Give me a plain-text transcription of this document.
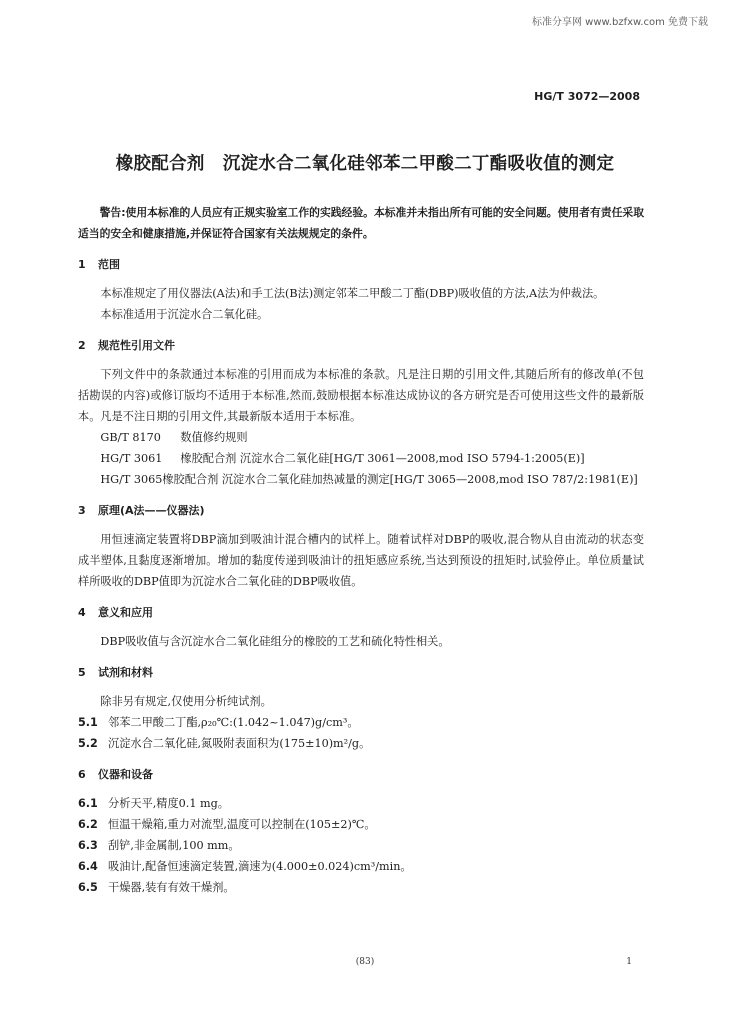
标准分享网 www.bzfxw.com 免费下载
HG/T 3072—2008
橡胶配合剂 沉淀水合二氧化硅邻苯二甲酸二丁酯吸收值的测定

警告:使用本标准的人员应有正规实验室工作的实践经验。本标准并未指出所有可能的安全问题。使用者有责任采取适当的安全和健康措施,并保证符合国家有关法规规定的条件。

1 范围

本标准规定了用仪器法(A法)和手工法(B法)测定邻苯二甲酸二丁酯(DBP)吸收值的方法,A法为仲裁法。

本标准适用于沉淀水合二氧化硅。

2 规范性引用文件

下列文件中的条款通过本标准的引用而成为本标准的条款。凡是注日期的引用文件,其随后所有的修改单(不包括勘误的内容)或修订版均不适用于本标准,然而,鼓励根据本标准达成协议的各方研究是否可使用这些文件的最新版本。凡是不注日期的引用文件,其最新版本适用于本标准。

GB/T 8170 数值修约规则

HG/T 3061 橡胶配合剂 沉淀水合二氧化硅[HG/T 3061—2008,mod ISO 5794-1:2005(E)]

HG/T 3065橡胶配合剂 沉淀水合二氧化硅加热减量的测定[HG/T 3065—2008,mod ISO 787/2:1981(E)]

3 原理(A法——仪器法)

用恒速滴定装置将DBP滴加到吸油计混合槽内的试样上。随着试样对DBP的吸收,混合物从自由流动的状态变成半塑体,且黏度逐渐增加。增加的黏度传递到吸油计的扭矩感应系统,当达到预设的扭矩时,试验停止。单位质量试样所吸收的DBP值即为沉淀水合二氧化硅的DBP吸收值。

4 意义和应用

DBP吸收值与含沉淀水合二氧化硅组分的橡胶的工艺和硫化特性相关。

5 试剂和材料

除非另有规定,仅使用分析纯试剂。

5.1 邻苯二甲酸二丁酯,ρ₂₀℃:(1.042~1.047)g/cm³。

5.2 沉淀水合二氧化硅,氮吸附表面积为(175±10)m²/g。

6 仪器和设备

6.1 分析天平,精度0.1 mg。

6.2 恒温干燥箱,重力对流型,温度可以控制在(105±2)℃。

6.3 刮铲,非金属制,100 mm。

6.4 吸油计,配备恒速滴定装置,滴速为(4.000±0.024)cm³/min。

6.5 干燥器,装有有效干燥剂。

(83)	1
